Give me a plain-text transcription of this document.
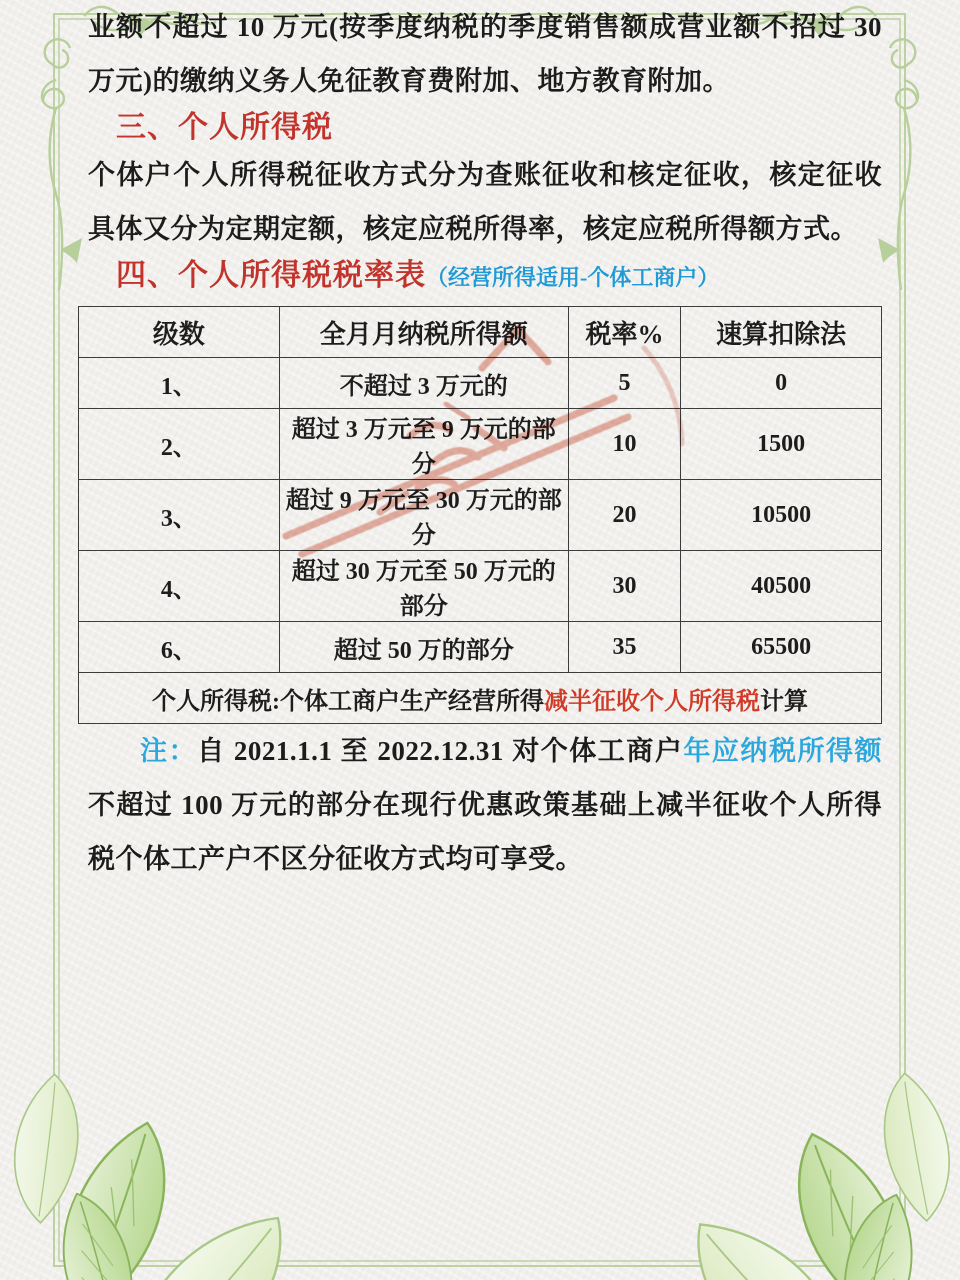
业额不超过 10 万元(按季度纳税的季度销售额成营业额不招过 30 万元)的缴纳义务人免征教育费附加、地方教育附加。

三、个人所得税

个体户个人所得税征收方式分为查账征收和核定征收，核定征收具体又分为定期定额，核定应税所得率，核定应税所得额方式。

四、个人所得税税率表（经营所得适用-个体工商户）
级数	全月月纳税所得额	税率%	速算扣除法
1、	不超过 3 万元的	5	0
2、	超过 3 万元至 9 万元的部分	10	1500
3、	超过 9 万元至 30 万元的部分	20	10500
4、	超过 30 万元至 50 万元的部分	30	40500
6、	超过 50 万的部分	35	65500
个人所得税:个体工商户生产经营所得减半征收个人所得税计算			

注：自 2021.1.1 至 2022.12.31 对个体工商户年应纳税所得额不超过 100 万元的部分在现行优惠政策基础上减半征收个人所得税个体工产户不区分征收方式均可享受。
